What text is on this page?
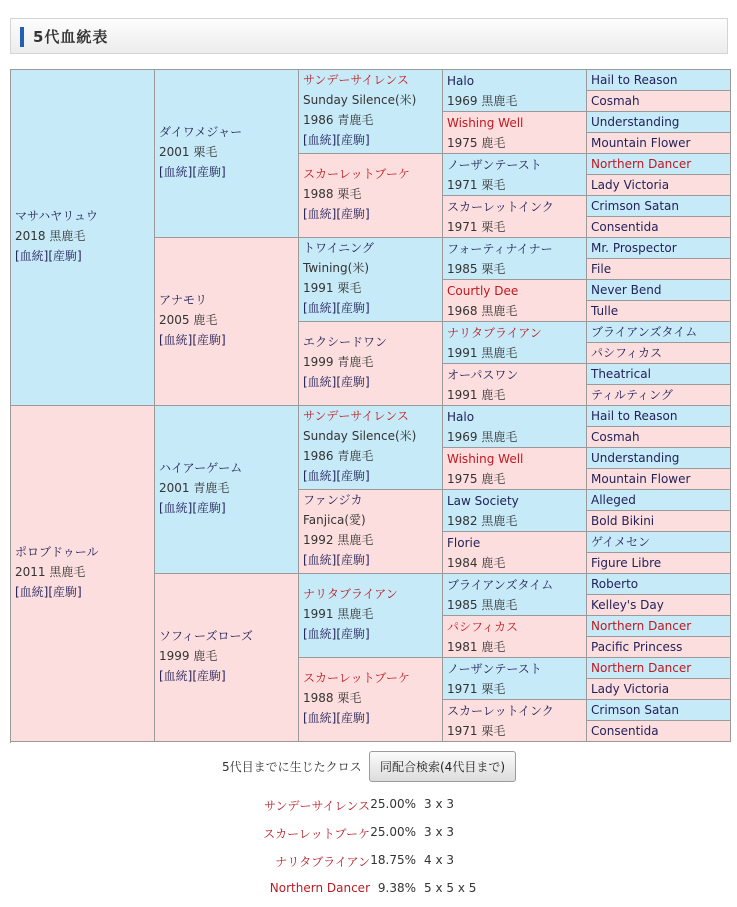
5代血統表
マサハヤリュウ
2018 黒鹿毛
[血統][産駒]
ポロブドゥール
2011 黒鹿毛
[血統][産駒]
ダイワメジャー
2001 栗毛
[血統][産駒]
アナモリ
2005 鹿毛
[血統][産駒]
ハイアーゲーム
2001 青鹿毛
[血統][産駒]
ソフィーズローズ
1999 鹿毛
[血統][産駒]
サンデーサイレンス
Sunday Silence(米)
1986 青鹿毛
[血統][産駒]
スカーレットブーケ
1988 栗毛
[血統][産駒]
トワイニング
Twining(米)
1991 栗毛
[血統][産駒]
エクシードワン
1999 青鹿毛
[血統][産駒]
サンデーサイレンス
Sunday Silence(米)
1986 青鹿毛
[血統][産駒]
ファンジカ
Fanjica(愛)
1992 黒鹿毛
[血統][産駒]
ナリタブライアン
1991 黒鹿毛
[血統][産駒]
スカーレットブーケ
1988 栗毛
[血統][産駒]
Halo
1969 黒鹿毛
Wishing Well
1975 鹿毛
ノーザンテースト
1971 栗毛
スカーレットインク
1971 栗毛
フォーティナイナー
1985 栗毛
Courtly Dee
1968 黒鹿毛
ナリタブライアン
1991 黒鹿毛
オーパスワン
1991 鹿毛
Halo
1969 黒鹿毛
Wishing Well
1975 鹿毛
Law Society
1982 黒鹿毛
Florie
1984 鹿毛
ブライアンズタイム
1985 黒鹿毛
パシフィカス
1981 鹿毛
ノーザンテースト
1971 栗毛
スカーレットインク
1971 栗毛
Hail to Reason
Cosmah
Understanding
Mountain Flower
Northern Dancer
Lady Victoria
Crimson Satan
Consentida
Mr. Prospector
File
Never Bend
Tulle
ブライアンズタイム
パシフィカス
Theatrical
ティルティング
Hail to Reason
Cosmah
Understanding
Mountain Flower
Alleged
Bold Bikini
ゲイメセン
Figure Libre
Roberto
Kelley's Day
Northern Dancer
Pacific Princess
Northern Dancer
Lady Victoria
Crimson Satan
Consentida
5代目までに生じたクロス	同配合検索(4代目まで)
サンデーサイレンス 25.00% 3 x 3
スカーレットブーケ 25.00% 3 x 3
ナリタブライアン 18.75% 4 x 3
Northern Dancer 9.38% 5 x 5 x 5
